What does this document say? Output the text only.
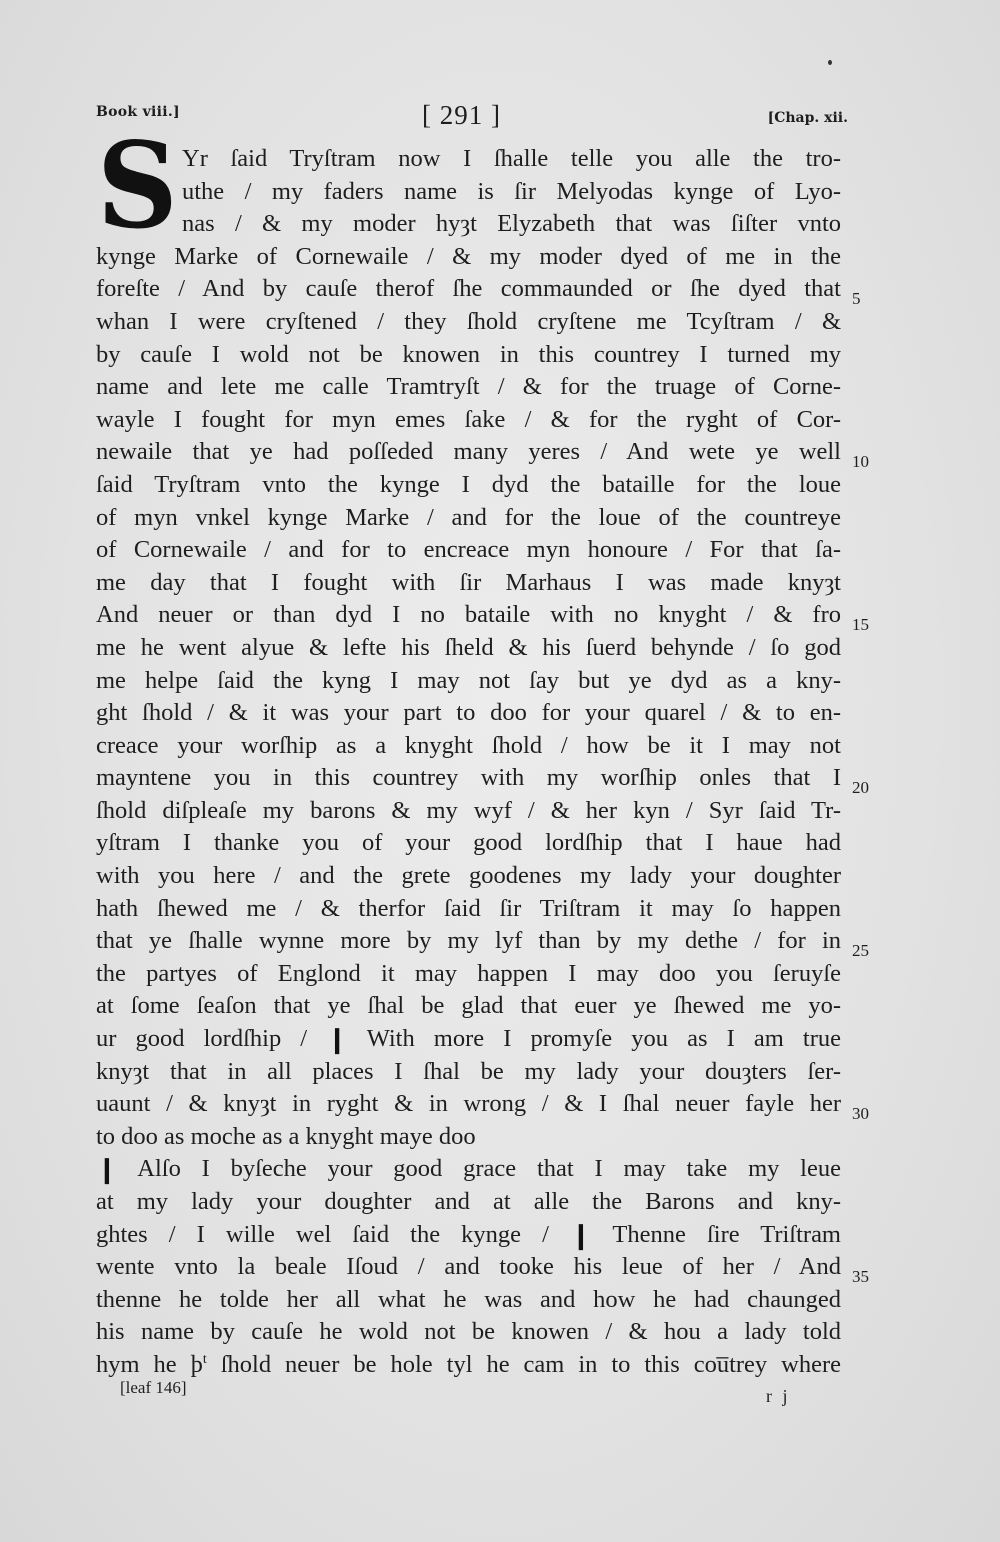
Book viii.]	[ 291 ]	[Chap. xii.
S Yr ſaid Tryſtram now I ſhalle telle you alle the tro-
uthe / my faders name is ſir Melyodas kynge of Lyo-
nas / & my moder hyȝt Elyzabeth that was ſiſter vnto
kynge Marke of Cornewaile / & my moder dyed of me in the
foreſte / And by cauſe therof ſhe commaunded or ſhe dyed that
whan I were cryſtened / they ſhold cryſtene me Tcyſtram / &
by cauſe I wold not be knowen in this countrey I turned my
name and lete me calle Tramtryſt / & for the truage of Corne-
wayle I fought for myn emes ſake / & for the ryght of Cor-
newaile that ye had poſſeded many yeres / And wete ye well
ſaid Tryſtram vnto the kynge I dyd the bataille for the loue
of myn vnkel kynge Marke / and for the loue of the countreye
of Cornewaile / and for to encreace myn honoure / For that ſa-
me day that I fought with ſir Marhaus I was made knyȝt
And neuer or than dyd I no bataile with no knyght / & fro
me he went alyue & lefte his ſheld & his ſuerd behynde / ſo god
me helpe ſaid the kyng I may not ſay but ye dyd as a kny-
ght ſhold / & it was your part to doo for your quarel / & to en-
creace your worſhip as a knyght ſhold / how be it I may not
mayntene you in this countrey with my worſhip onles that I
ſhold diſpleaſe my barons & my wyf / & her kyn / Syr ſaid Tr-
yſtram I thanke you of your good lordſhip that I haue had
with you here / and the grete goodenes my lady your doughter
hath ſhewed me / & therfor ſaid ſir Triſtram it may ſo happen
that ye ſhalle wynne more by my lyf than by my dethe / for in
the partyes of Englond it may happen I may doo you ſeruyſe
at ſome ſeaſon that ye ſhal be glad that euer ye ſhewed me yo-
ur good lordſhip / ❙ With more I promyſe you as I am true
knyȝt that in all places I ſhal be my lady your douȝters ſer-
uaunt / & knyȝt in ryght & in wrong / & I ſhal neuer fayle her
to doo as moche as a knyght maye doo
❙ Alſo I byſeche your good grace that I may take my leue
at my lady your doughter and at alle the Barons and kny-
ghtes / I wille wel ſaid the kynge / ❙ Thenne ſire Triſtram
wente vnto la beale Iſoud / and tooke his leue of her / And
thenne he tolde her all what he was and how he had chaunged
his name by cauſe he wold not be knowen / & hou a lady told
hym he $þ^t$ ſhold neuer be hole tyl he cam in to this cou̅trey where
5
10
15
20
25
30
35
[leaf 146]	r j
